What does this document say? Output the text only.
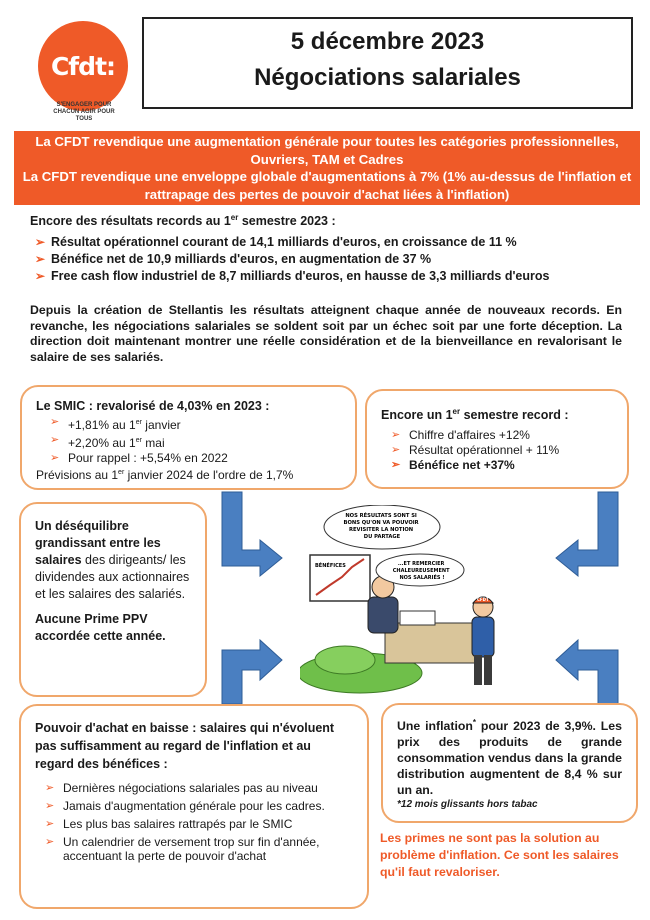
Cfdt:
S'ENGAGER POUR CHACUN AGIR POUR TOUS
5 décembre 2023
Négociations salariales
La CFDT revendique une augmentation générale pour toutes les catégories professionnelles, Ouvriers, TAM et Cadres
La CFDT revendique une enveloppe globale d'augmentations à 7% (1% au-dessus de l'inflation et rattrapage des pertes de pouvoir d'achat liées à l'inflation)
Encore des résultats records au 1er semestre 2023 :
➢ Résultat opérationnel courant de 14,1 milliards d'euros, en croissance de 11 %
➢ Bénéfice net de 10,9 milliards d'euros, en augmentation de 37 %
➢ Free cash flow industriel de 8,7 milliards d'euros, en hausse de 3,3 milliards d'euros
Depuis la création de Stellantis les résultats atteignent chaque année de nouveaux records. En revanche, les négociations salariales se soldent soit par un échec soit par une forte déception. La direction doit maintenant montrer une réelle considération et de la bienveillance en revalorisant le salaire de ses salariés.
Le SMIC : revalorisé de 4,03% en 2023 :
➢ +1,81% au 1er janvier
➢ +2,20% au 1er mai
➢ Pour rappel : +5,54% en 2022
Prévisions au 1er janvier 2024 de l'ordre de 1,7%
Encore un 1er semestre record :
➢ Chiffre d'affaires +12%
➢ Résultat opérationnel + 11%
➢ Bénéfice net +37%
Un déséquilibre grandissant entre les salaires des dirigeants/ les dividendes aux actionnaires et les salaires des salariés.
Aucune Prime PPV accordée cette année.
BÉNÉFICES
CFDT
NOS RÉSULTATS SONT SI BONS QU'ON VA POUVOIR REVISITER LA NOTION DU PARTAGE
...ET REMERCIER CHALEUREUSEMENT NOS SALARIÉS !
Pouvoir d'achat en baisse : salaires qui n'évoluent pas suffisamment au regard de l'inflation et au regard des bénéfices :
➢ Dernières négociations salariales pas au niveau
➢ Jamais d'augmentation générale pour les cadres.
➢ Les plus bas salaires rattrapés par le SMIC
➢ Un calendrier de versement trop sur fin d'année, accentuant la perte de pouvoir d'achat
Une inflation* pour 2023 de 3,9%. Les prix des produits de grande consommation vendus dans la grande distribution augmentent de 8,4 % sur un an.
*12 mois glissants hors tabac
Les primes ne sont pas la solution au problème d'inflation. Ce sont les salaires qu'il faut revaloriser.
